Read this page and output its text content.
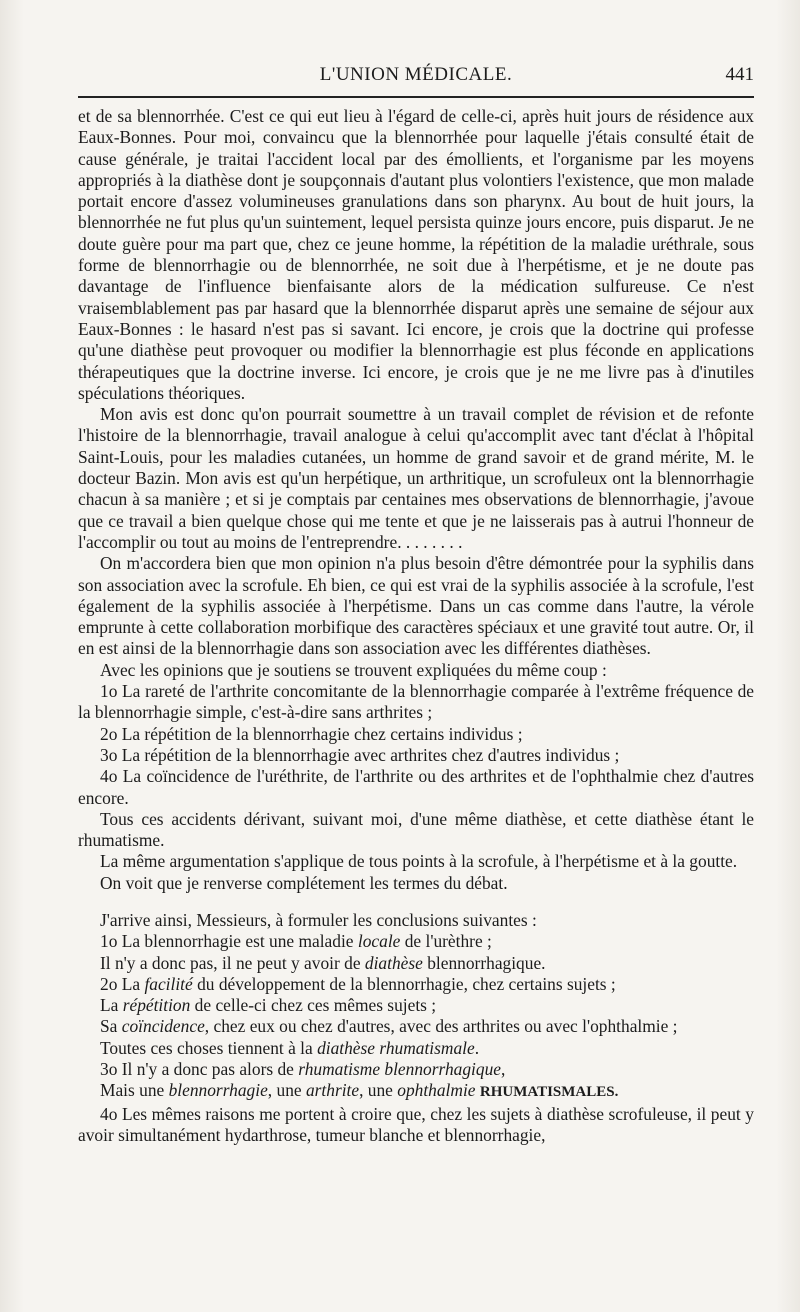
L'UNION MÉDICALE.	441

et de sa blennorrhée. C'est ce qui eut lieu à l'égard de celle-ci, après huit jours de résidence aux Eaux-Bonnes. Pour moi, convaincu que la blennorrhée pour laquelle j'étais consulté était de cause générale, je traitai l'accident local par des émollients, et l'organisme par les moyens appropriés à la diathèse dont je soupçonnais d'autant plus volontiers l'existence, que mon malade portait encore d'assez volumineuses granulations dans son pharynx. Au bout de huit jours, la blennorrhée ne fut plus qu'un suintement, lequel persista quinze jours encore, puis disparut. Je ne doute guère pour ma part que, chez ce jeune homme, la répétition de la maladie uréthrale, sous forme de blennorrhagie ou de blennorrhée, ne soit due à l'herpétisme, et je ne doute pas davantage de l'influence bienfaisante alors de la médication sulfureuse. Ce n'est vraisemblablement pas par hasard que la blennorrhée disparut après une semaine de séjour aux Eaux-Bonnes : le hasard n'est pas si savant. Ici encore, je crois que la doctrine qui professe qu'une diathèse peut provoquer ou modifier la blennorrhagie est plus féconde en applications thérapeutiques que la doctrine inverse. Ici encore, je crois que je ne me livre pas à d'inutiles spéculations théoriques.

Mon avis est donc qu'on pourrait soumettre à un travail complet de révision et de refonte l'histoire de la blennorrhagie, travail analogue à celui qu'accomplit avec tant d'éclat à l'hôpital Saint-Louis, pour les maladies cutanées, un homme de grand savoir et de grand mérite, M. le docteur Bazin. Mon avis est qu'un herpétique, un arthritique, un scrofuleux ont la blennorrhagie chacun à sa manière ; et si je comptais par centaines mes observations de blennorrhagie, j'avoue que ce travail a bien quelque chose qui me tente et que je ne laisserais pas à autrui l'honneur de l'accomplir ou tout au moins de l'entreprendre. . . . . . . .

On m'accordera bien que mon opinion n'a plus besoin d'être démontrée pour la syphilis dans son association avec la scrofule. Eh bien, ce qui est vrai de la syphilis associée à la scrofule, l'est également de la syphilis associée à l'herpétisme. Dans un cas comme dans l'autre, la vérole emprunte à cette collaboration morbifique des caractères spéciaux et une gravité tout autre. Or, il en est ainsi de la blennorrhagie dans son association avec les différentes diathèses.

Avec les opinions que je soutiens se trouvent expliquées du même coup :

1o La rareté de l'arthrite concomitante de la blennorrhagie comparée à l'extrême fréquence de la blennorrhagie simple, c'est-à-dire sans arthrites ;

2o La répétition de la blennorrhagie chez certains individus ;

3o La répétition de la blennorrhagie avec arthrites chez d'autres individus ;

4o La coïncidence de l'uréthrite, de l'arthrite ou des arthrites et de l'ophthalmie chez d'autres encore.

Tous ces accidents dérivant, suivant moi, d'une même diathèse, et cette diathèse étant le rhumatisme.

La même argumentation s'applique de tous points à la scrofule, à l'herpétisme et à la goutte.

On voit que je renverse complétement les termes du débat.

J'arrive ainsi, Messieurs, à formuler les conclusions suivantes :

1o La blennorrhagie est une maladie locale de l'urèthre ;

Il n'y a donc pas, il ne peut y avoir de diathèse blennorrhagique.

2o La facilité du développement de la blennorrhagie, chez certains sujets ;

La répétition de celle-ci chez ces mêmes sujets ;

Sa coïncidence, chez eux ou chez d'autres, avec des arthrites ou avec l'ophthalmie ;

Toutes ces choses tiennent à la diathèse rhumatismale.

3o Il n'y a donc pas alors de rhumatisme blennorrhagique,

Mais une blennorrhagie, une arthrite, une ophthalmie RHUMATISMALES.

4o Les mêmes raisons me portent à croire que, chez les sujets à diathèse scrofuleuse, il peut y avoir simultanément hydarthrose, tumeur blanche et blennorrhagie,
